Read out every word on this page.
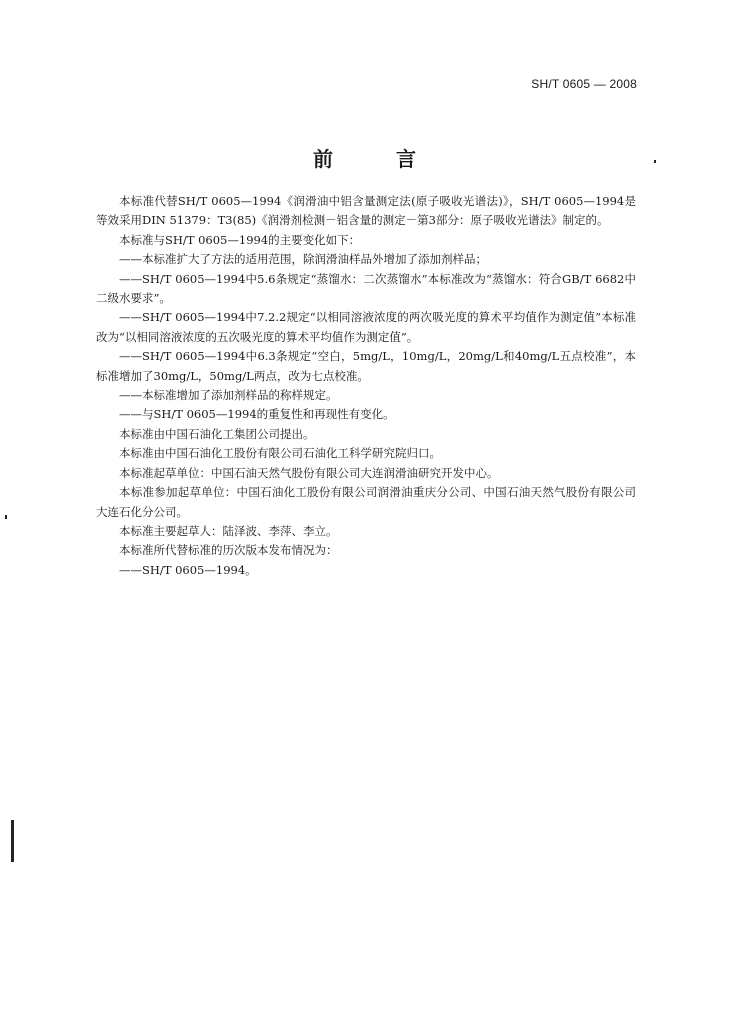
SH/T 0605 — 2008
前 言

本标准代替SH/T 0605—1994《润滑油中铝含量测定法(原子吸收光谱法)》，SH/T 0605—1994是等效采用DIN 51379：T3(85)《润滑剂检测－铝含量的测定－第3部分：原子吸收光谱法》制定的。

本标准与SH/T 0605—1994的主要变化如下：

——本标准扩大了方法的适用范围，除润滑油样品外增加了添加剂样品；

——SH/T 0605—1994中5.6条规定“蒸馏水：二次蒸馏水”本标准改为“蒸馏水：符合GB/T 6682中二级水要求”。

——SH/T 0605—1994中7.2.2规定“以相同溶液浓度的两次吸光度的算术平均值作为测定值”本标准改为“以相同溶液浓度的五次吸光度的算术平均值作为测定值”。

——SH/T 0605—1994中6.3条规定“空白，5mg/L，10mg/L，20mg/L和40mg/L五点校准”，本标准增加了30mg/L，50mg/L两点，改为七点校准。

——本标准增加了添加剂样品的称样规定。

——与SH/T 0605—1994的重复性和再现性有变化。

本标准由中国石油化工集团公司提出。

本标准由中国石油化工股份有限公司石油化工科学研究院归口。

本标准起草单位：中国石油天然气股份有限公司大连润滑油研究开发中心。

本标准参加起草单位：中国石油化工股份有限公司润滑油重庆分公司、中国石油天然气股份有限公司大连石化分公司。

本标准主要起草人：陆泽波、李萍、李立。

本标准所代替标准的历次版本发布情况为：

——SH/T 0605—1994。
